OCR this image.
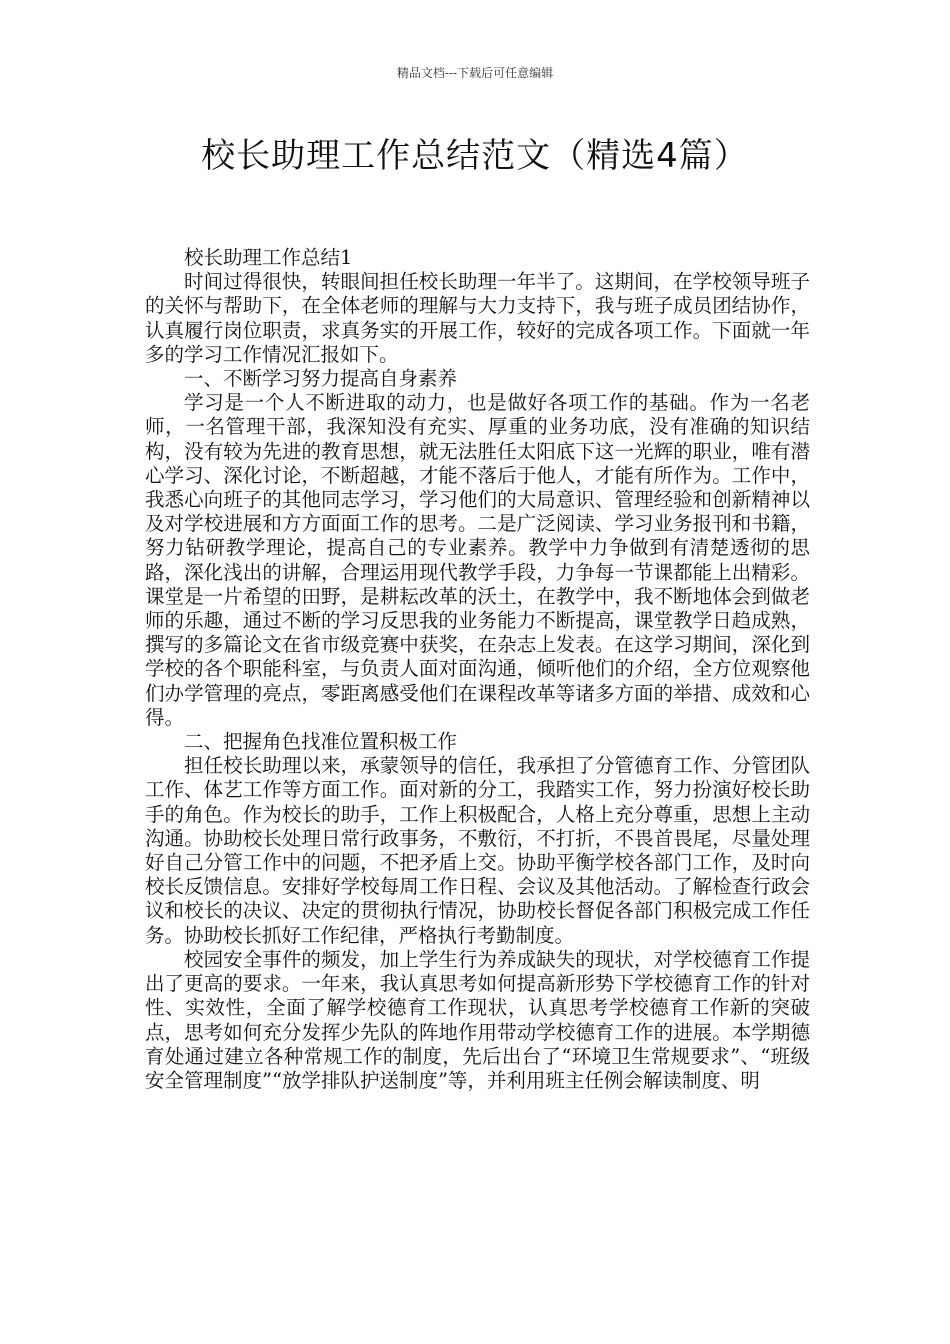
精品文档---下载后可任意编辑
校长助理工作总结范文（精选4篇）

校长助理工作总结1

时间过得很快，转眼间担任校长助理一年半了。这期间，在学校领导班子的关怀与帮助下，在全体老师的理解与大力支持下，我与班子成员团结协作，认真履行岗位职责，求真务实的开展工作，较好的完成各项工作。下面就一年多的学习工作情况汇报如下。

一、不断学习努力提高自身素养

学习是一个人不断进取的动力，也是做好各项工作的基础。作为一名老师，一名管理干部，我深知没有充实、厚重的业务功底，没有准确的知识结构，没有较为先进的教育思想，就无法胜任太阳底下这一光辉的职业，唯有潜心学习、深化讨论，不断超越，才能不落后于他人，才能有所作为。工作中，我悉心向班子的其他同志学习，学习他们的大局意识、管理经验和创新精神以及对学校进展和方方面面工作的思考。二是广泛阅读、学习业务报刊和书籍，努力钻研教学理论，提高自己的专业素养。教学中力争做到有清楚透彻的思路，深化浅出的讲解，合理运用现代教学手段，力争每一节课都能上出精彩。课堂是一片希望的田野，是耕耘改革的沃土，在教学中，我不断地体会到做老师的乐趣，通过不断的学习反思我的业务能力不断提高，课堂教学日趋成熟，撰写的多篇论文在省市级竞赛中获奖，在杂志上发表。在这学习期间，深化到学校的各个职能科室，与负责人面对面沟通，倾听他们的介绍，全方位观察他们办学管理的亮点，零距离感受他们在课程改革等诸多方面的举措、成效和心得。

二、把握角色找准位置积极工作

担任校长助理以来，承蒙领导的信任，我承担了分管德育工作、分管团队工作、体艺工作等方面工作。面对新的分工，我踏实工作，努力扮演好校长助手的角色。作为校长的助手，工作上积极配合，人格上充分尊重，思想上主动沟通。协助校长处理日常行政事务，不敷衍，不打折，不畏首畏尾，尽量处理好自己分管工作中的问题，不把矛盾上交。协助平衡学校各部门工作，及时向校长反馈信息。安排好学校每周工作日程、会议及其他活动。了解检查行政会议和校长的决议、决定的贯彻执行情况，协助校长督促各部门积极完成工作任务。协助校长抓好工作纪律，严格执行考勤制度。

校园安全事件的频发，加上学生行为养成缺失的现状，对学校德育工作提出了更高的要求。一年来，我认真思考如何提高新形势下学校德育工作的针对性、实效性，全面了解学校德育工作现状，认真思考学校德育工作新的突破点，思考如何充分发挥少先队的阵地作用带动学校德育工作的进展。本学期德育处通过建立各种常规工作的制度，先后出台了“环境卫生常规要求”、“班级安全管理制度”“放学排队护送制度”等，并利用班主任例会解读制度、明
